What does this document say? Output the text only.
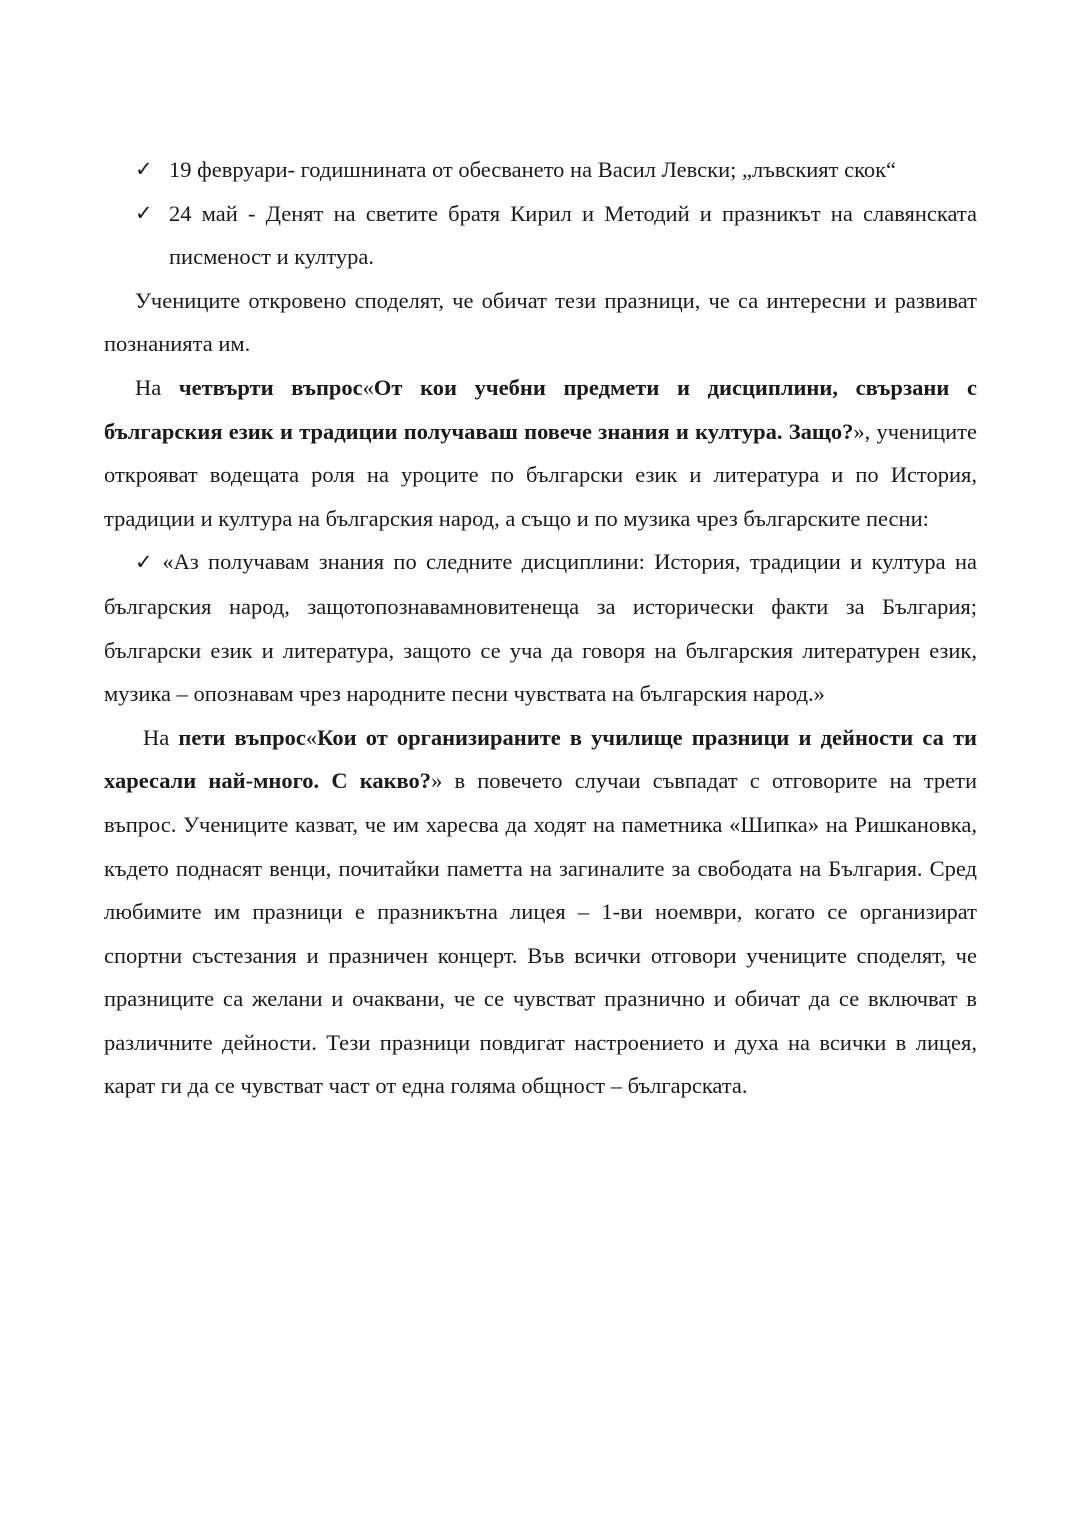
✓ 19 февруари- годишнината от обесването на Васил Левски; „лъвският скок“

✓ 24 май - Денят на светите братя Кирил и Методий и празникът на славянската писменост и култура.

Учениците откровено споделят, че обичат тези празници, че са интересни и развиват познанията им.

На четвърти въпрос«От кои учебни предмети и дисциплини, свързани с българския език и традиции получаваш повече знания и култура. Защо?», учениците открояват водещата роля на уроците по български език и литература и по История, традиции и култура на българския народ, а също и по музика чрез българските песни:

✓ «Аз получавам знания по следните дисциплини: История, традиции и култура на българския народ, защотопознавамновитенеща за исторически факти за България; български език и литература, защото се уча да говоря на българския литературен език, музика – опознавам чрез народните песни чувствата на българския народ.»

На пети въпрос«Кои от организираните в училище празници и дейности са ти харесали най-много. С какво?» в повечето случаи съвпадат с отговорите на трети въпрос. Учениците казват, че им харесва да ходят на паметника «Шипка» на Ришкановка, където поднасят венци, почитайки паметта на загиналите за свободата на България. Сред любимите им празници е празникътна лицея – 1-ви ноември, когато се организират спортни състезания и празничен концерт. Във всички отговори учениците споделят, че празниците са желани и очаквани, че се чувстват празнично и обичат да се включват в различните дейности. Тези празници повдигат настроението и духа на всички в лицея, карат ги да се чувстват част от една голяма общност – българската.
